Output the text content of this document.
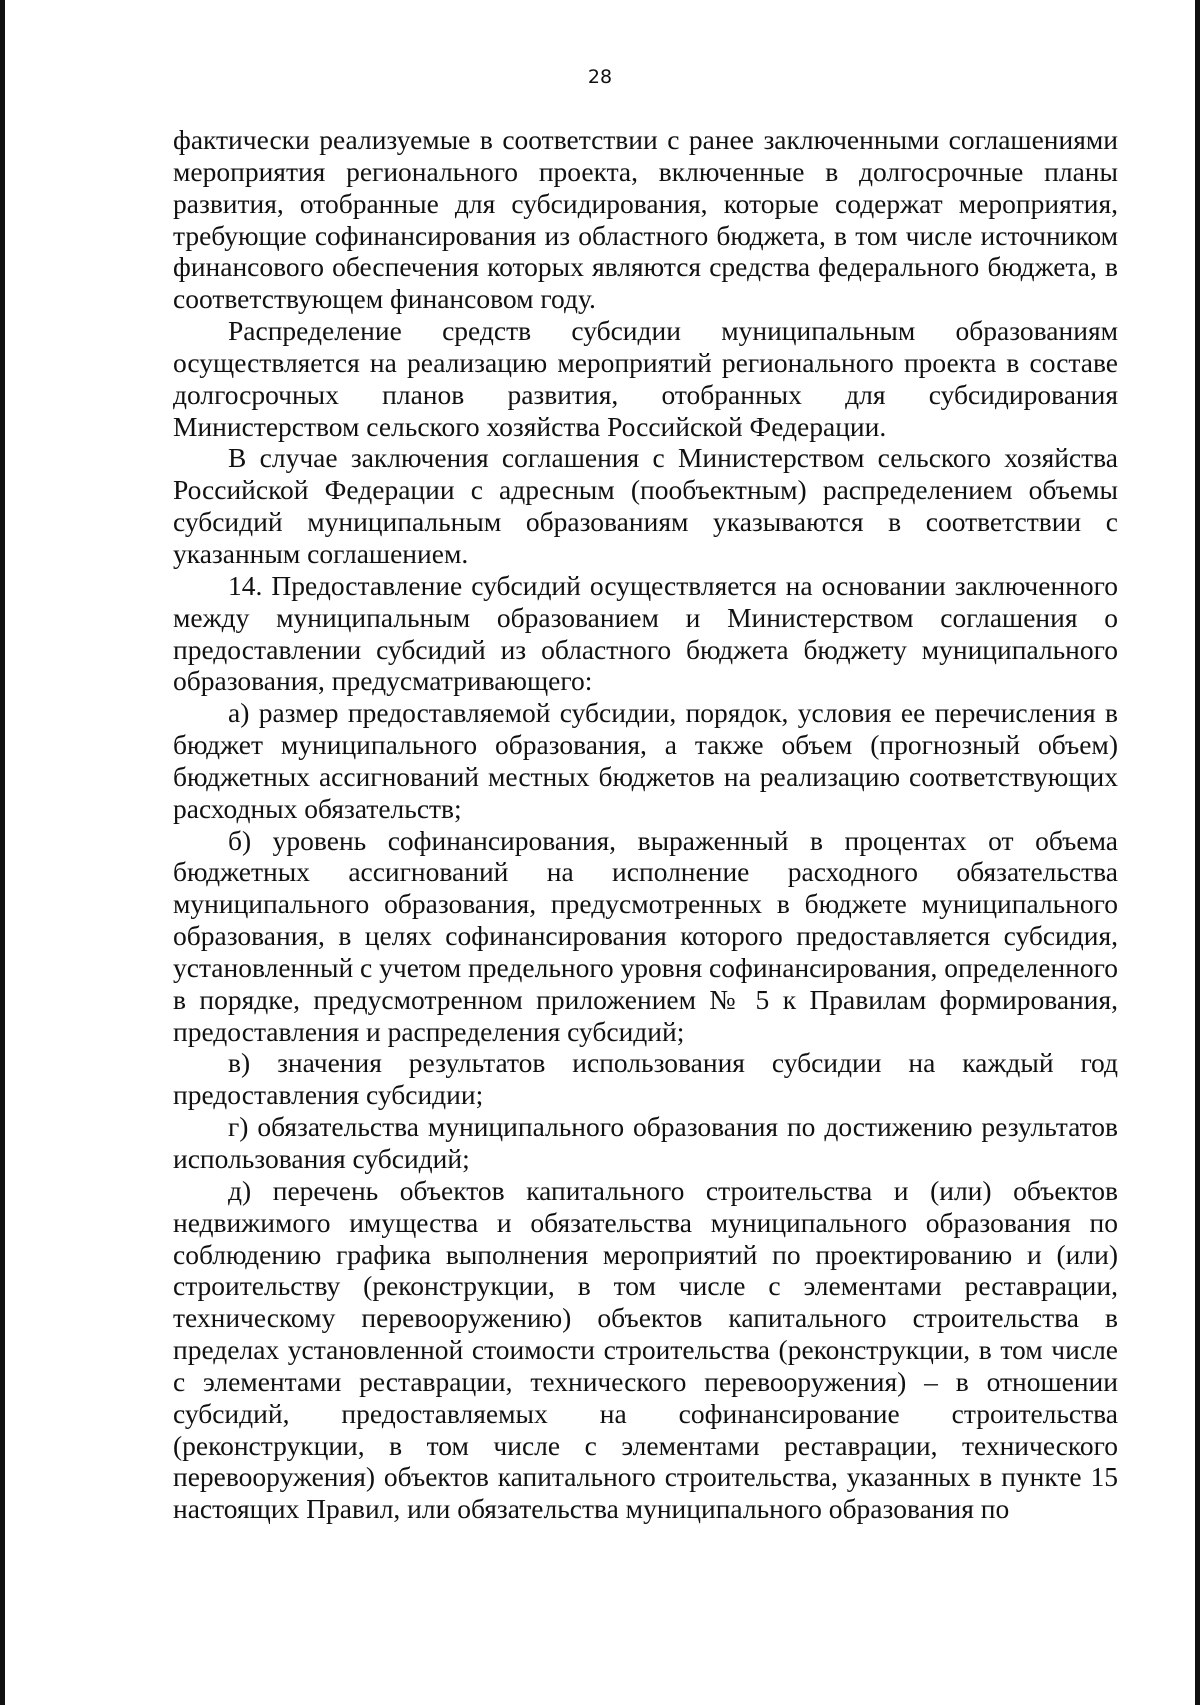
28

фактически реализуемые в соответствии с ранее заключенными соглашениями мероприятия регионального проекта, включенные в долгосрочные планы развития, отобранные для субсидирования, которые содержат мероприятия, требующие софинансирования из областного бюджета, в том числе источником финансового обеспечения которых являются средства федерального бюджета, в соответствующем финансовом году.

Распределение средств субсидии муниципальным образованиям осуществляется на реализацию мероприятий регионального проекта в составе долгосрочных планов развития, отобранных для субсидирования Министерством сельского хозяйства Российской Федерации.

В случае заключения соглашения с Министерством сельского хозяйства Российской Федерации с адресным (пообъектным) распределением объемы субсидий муниципальным образованиям указываются в соответствии с указанным соглашением.

14. Предоставление субсидий осуществляется на основании заключенного между муниципальным образованием и Министерством соглашения о предоставлении субсидий из областного бюджета бюджету муниципального образования, предусматривающего:

а) размер предоставляемой субсидии, порядок, условия ее перечисления в бюджет муниципального образования, а также объем (прогнозный объем) бюджетных ассигнований местных бюджетов на реализацию соответствующих расходных обязательств;

б) уровень софинансирования, выраженный в процентах от объема бюджетных ассигнований на исполнение расходного обязательства муниципального образования, предусмотренных в бюджете муниципального образования, в целях софинансирования которого предоставляется субсидия, установленный с учетом предельного уровня софинансирования, определенного в порядке, предусмотренном приложением № 5 к Правилам формирования, предоставления и распределения субсидий;

в) значения результатов использования субсидии на каждый год предоставления субсидии;

г) обязательства муниципального образования по достижению результатов использования субсидий;

д) перечень объектов капитального строительства и (или) объектов недвижимого имущества и обязательства муниципального образования по соблюдению графика выполнения мероприятий по проектированию и (или) строительству (реконструкции, в том числе с элементами реставрации, техническому перевооружению) объектов капитального строительства в пределах установленной стоимости строительства (реконструкции, в том числе с элементами реставрации, технического перевооружения) – в отношении субсидий, предоставляемых на софинансирование строительства (реконструкции, в том числе с элементами реставрации, технического перевооружения) объектов капитального строительства, указанных в пункте 15 настоящих Правил, или обязательства муниципального образования по
